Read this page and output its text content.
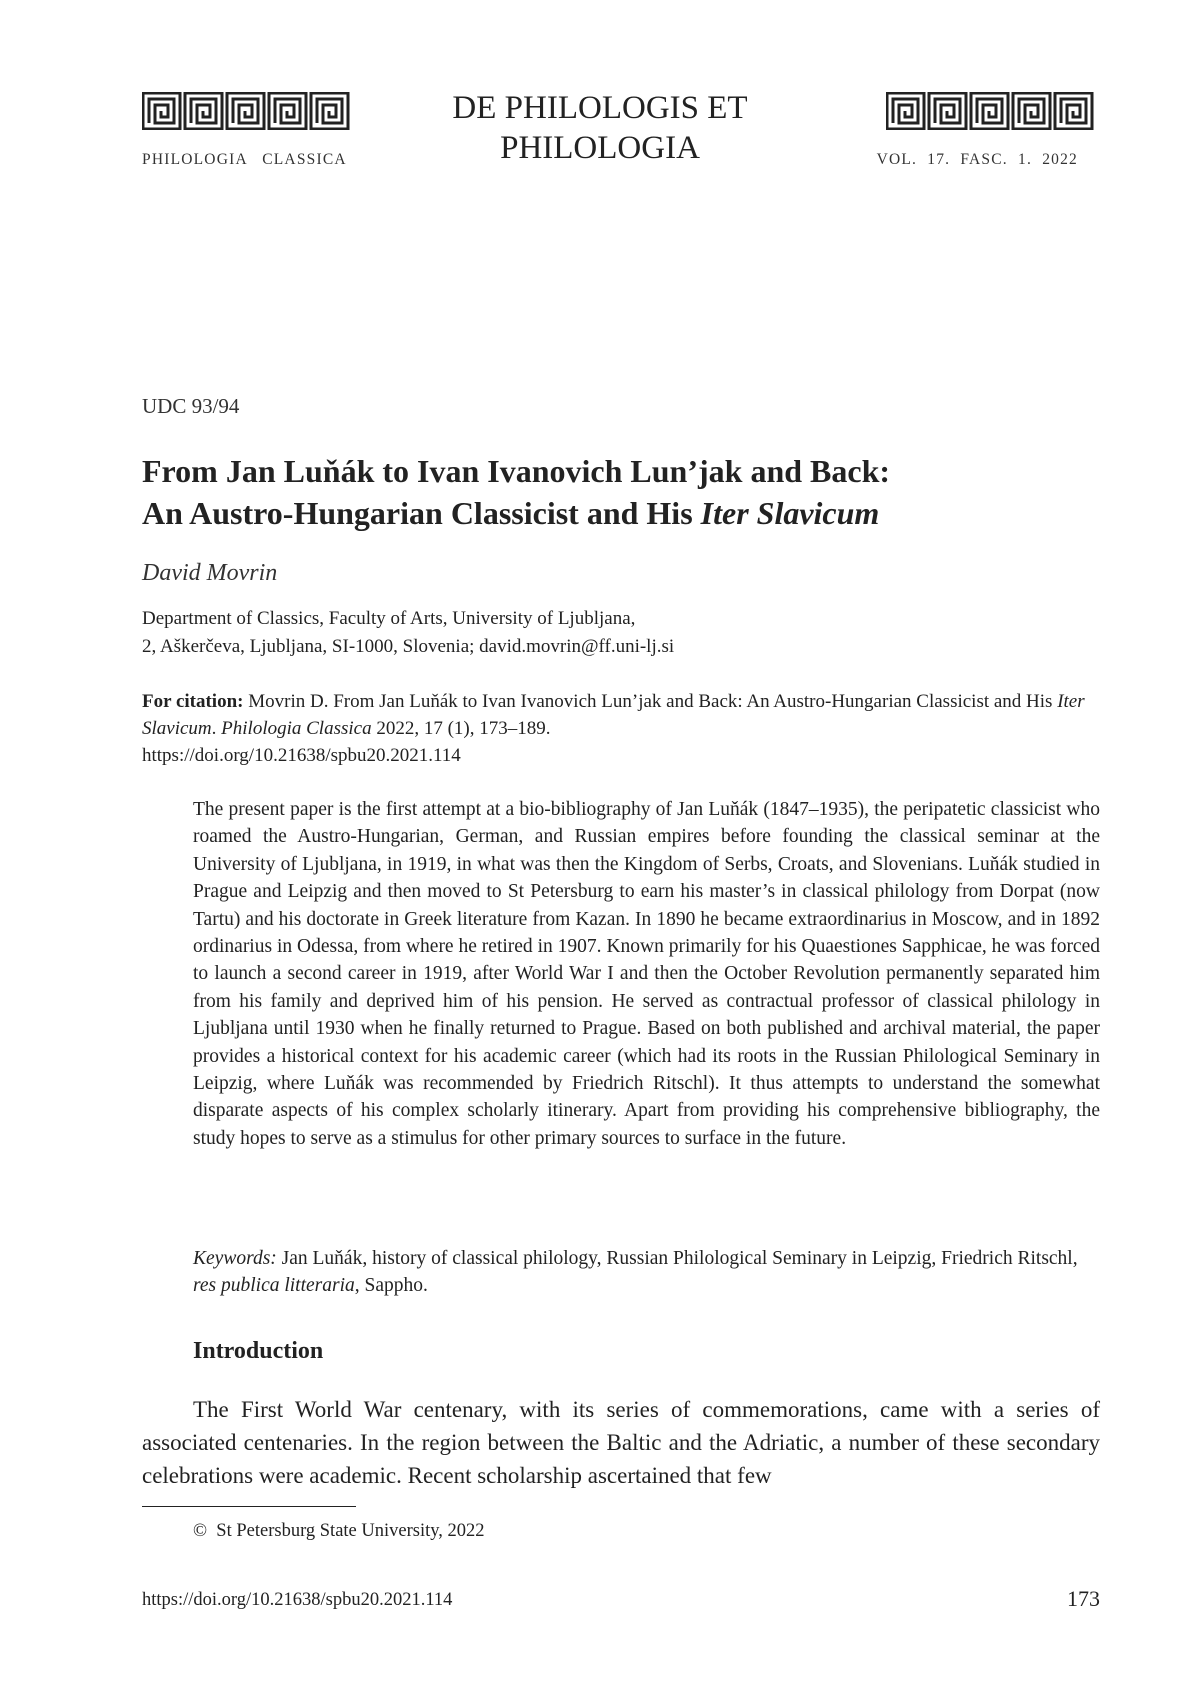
PHILOLOGIA   CLASSICA
DE PHILOLOGIS ET
PHILOLOGIA	VOL.  17.  FASC.  1.  2022
UDC 93/94
From Jan Luňák to Ivan Ivanovich Lun’jak and Back:
An Austro-Hungarian Classicist and His Iter Slavicum
David Movrin
Department of Classics, Faculty of Arts, University of Ljubljana,
2, Aškerčeva, Ljubljana, SI-1000, Slovenia; david.movrin@ff.uni-lj.si
For citation: Movrin D. From Jan Luňák to Ivan Ivanovich Lun’jak and Back: An Austro-Hungarian Classicist and His Iter Slavicum. Philologia Classica 2022, 17 (1), 173–189.
https://doi.org/10.21638/spbu20.2021.114
The present paper is the first attempt at a bio-bibliography of Jan Luňák (1847–1935), the peripatetic classicist who roamed the Austro-Hungarian, German, and Russian empires before founding the classical seminar at the University of Ljubljana, in 1919, in what was then the Kingdom of Serbs, Croats, and Slovenians. Luňák studied in Prague and Leipzig and then moved to St Petersburg to earn his master’s in classical philology from Dorpat (now Tartu) and his doctorate in Greek literature from Kazan. In 1890 he became extraordinarius in Moscow, and in 1892 ordinarius in Odessa, from where he retired in 1907. Known primarily for his Quaestiones Sapphicae, he was forced to launch a second career in 1919, after World War I and then the October Revolution permanently separated him from his family and deprived him of his pension. He served as contractual professor of classical philology in Ljubljana until 1930 when he finally returned to Prague. Based on both published and archival material, the paper provides a historical context for his academic career (which had its roots in the Russian Philological Seminary in Leipzig, where Luňák was recommended by Friedrich Ritschl). It thus attempts to understand the somewhat disparate aspects of his complex scholarly itinerary. Apart from providing his comprehensive bibliography, the study hopes to serve as a stimulus for other primary sources to surface in the future.
Keywords: Jan Luňák, history of classical philology, Russian Philological Seminary in Leipzig, Friedrich Ritschl, res publica litteraria, Sappho.
Introduction
The First World War centenary, with its series of commemorations, came with a series of associated centenaries. In the region between the Baltic and the Adriatic, a number of these secondary celebrations were academic. Recent scholarship ascertained that few
©  St Petersburg State University, 2022
https://doi.org/10.21638/spbu20.2021.114	173
